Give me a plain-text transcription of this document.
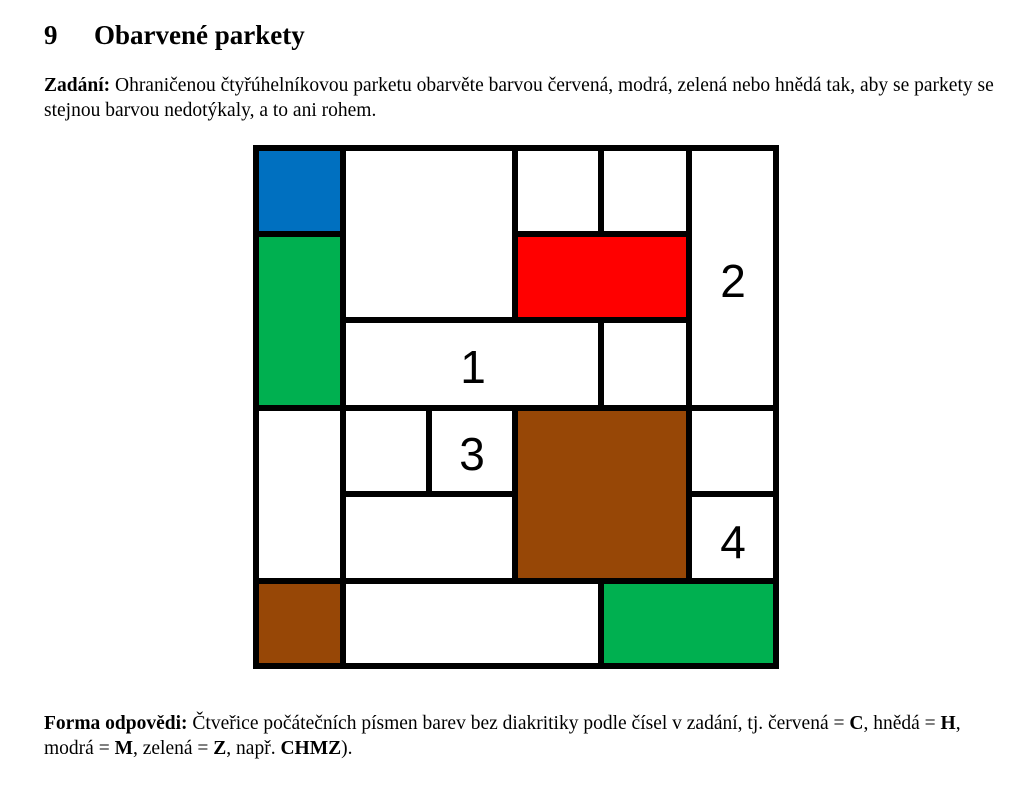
9 Obarvené parkety
Zadání: Ohraničenou čtyřúhelníkovou parketu obarvěte barvou červená, modrá, zelená nebo hnědá tak, aby se parkety se stejnou barvou nedotýkaly, a to ani rohem.
1
2
3
4
Forma odpovědi: Čtveřice počátečních písmen barev bez diakritiky podle čísel v zadání, tj. červená = C, hnědá = H, modrá = M, zelená = Z, např. CHMZ).
